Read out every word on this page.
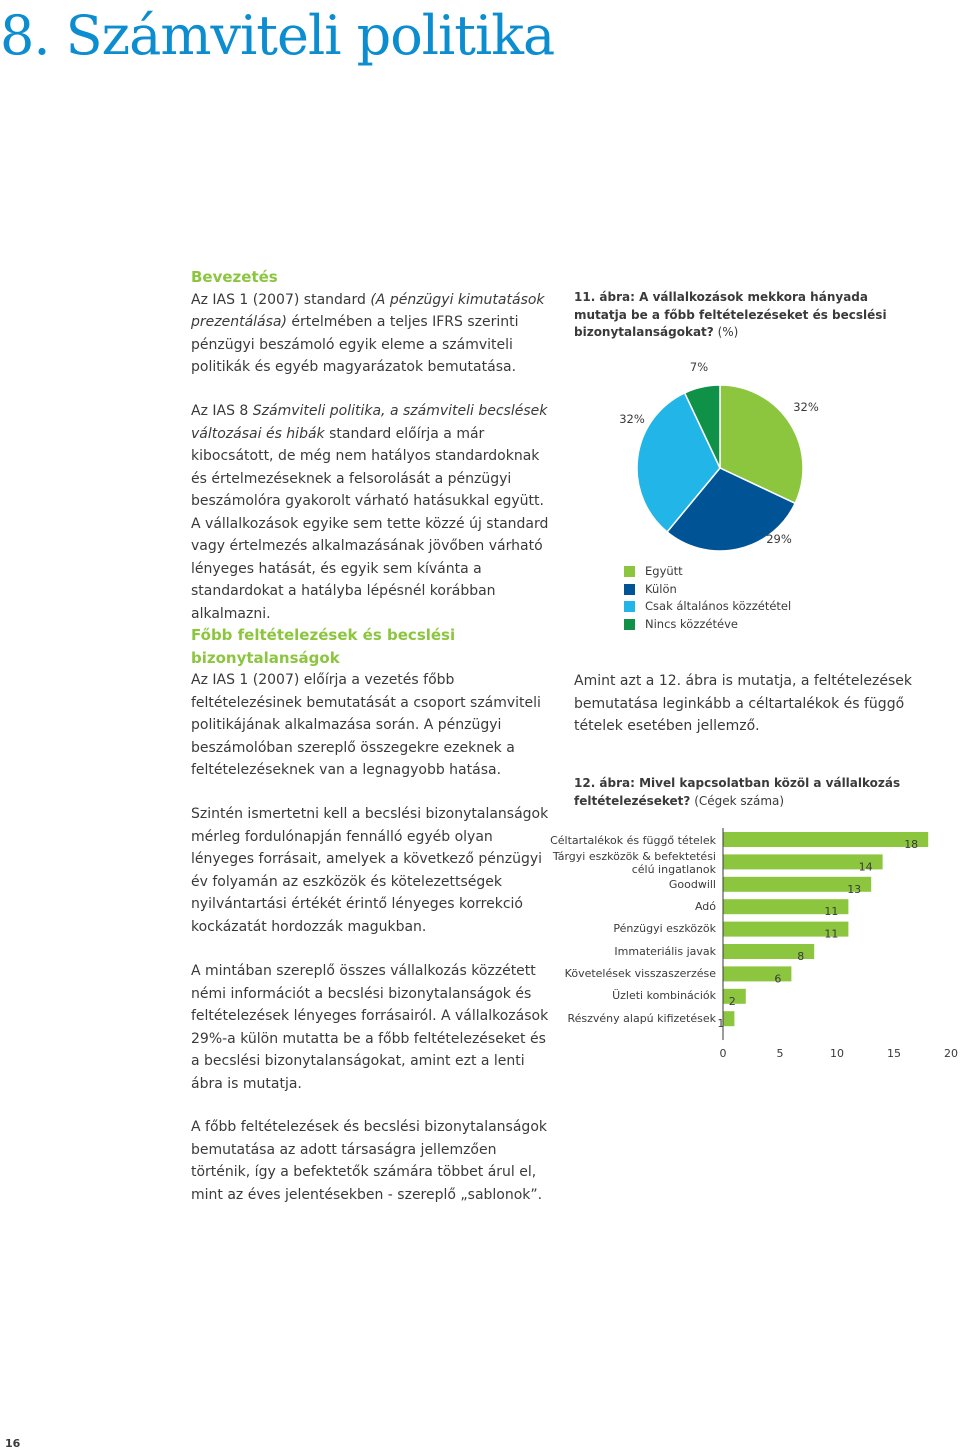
8. Számviteli politika
Bevezetés
Az IAS 1 (2007) standard (A pénzügyi kimutatások prezentálása) értelmében a teljes IFRS szerinti pénzügyi beszámoló egyik eleme a számviteli politikák és egyéb magyarázatok bemutatása.
Az IAS 8 Számviteli politika, a számviteli becslések változásai és hibák standard előírja a már kibocsátott, de még nem hatályos standardoknak és értelmezéseknek a felsorolását a pénzügyi beszámolóra gyakorolt várható hatásukkal együtt. A vállalkozások egyike sem tette közzé új standard vagy értelmezés alkalmazásának jövőben várható lényeges hatását, és egyik sem kívánta a standardokat a hatályba lépésnél korábban alkalmazni.
Főbb feltételezések és becslési bizonytalanságok
Az IAS 1 (2007) előírja a vezetés főbb feltételezésinek bemutatását a csoport számviteli politikájának alkalmazása során. A pénzügyi beszámolóban szereplő összegekre ezeknek a feltételezéseknek van a legnagyobb hatása.
Szintén ismertetni kell a becslési bizonytalanságok mérleg fordulónapján fennálló egyéb olyan lényeges forrásait, amelyek a következő pénzügyi év folyamán az eszközök és kötelezettségek nyilvántartási értékét érintő lényeges korrekció kockázatát hordozzák magukban.
A mintában szereplő összes vállalkozás közzétett némi információt a becslési bizonytalanságok és feltételezések lényeges forrásairól. A vállalkozások 29%-a külön mutatta be a főbb feltételezéseket és a becslési bizonytalanságokat, amint ezt a lenti ábra is mutatja.
A főbb feltételezések és becslési bizonytalanságok bemutatása az adott társaságra jellemzően történik, így a befektetők számára többet árul el, mint az éves jelentésekben - szereplő „sablonok”.
11. ábra: A vállalkozások mekkora hányada mutatja be a főbb feltételezéseket és becslési bizonytalanságokat? (%)
32%
29%
32%
7%
Együtt
Külön
Csak általános közzététel
Nincs közzétéve
Amint azt a 12. ábra is mutatja, a feltételezések bemutatása leginkább a céltartalékok és függő tételek esetében jellemző.
12. ábra: Mivel kapcsolatban közöl a vállalkozás feltételezéseket? (Cégek száma)
18
14
13
11
11
8
6
2
1
Céltartalékok és függő tételek
Tárgyi eszközök & befektetési
célú ingatlanok
Goodwill
Adó
Pénzügyi eszközök
Immateriális javak
Követelések visszaszerzése
Üzleti kombinációk
Részvény alapú kifizetések
0	5	10	15	20
16
